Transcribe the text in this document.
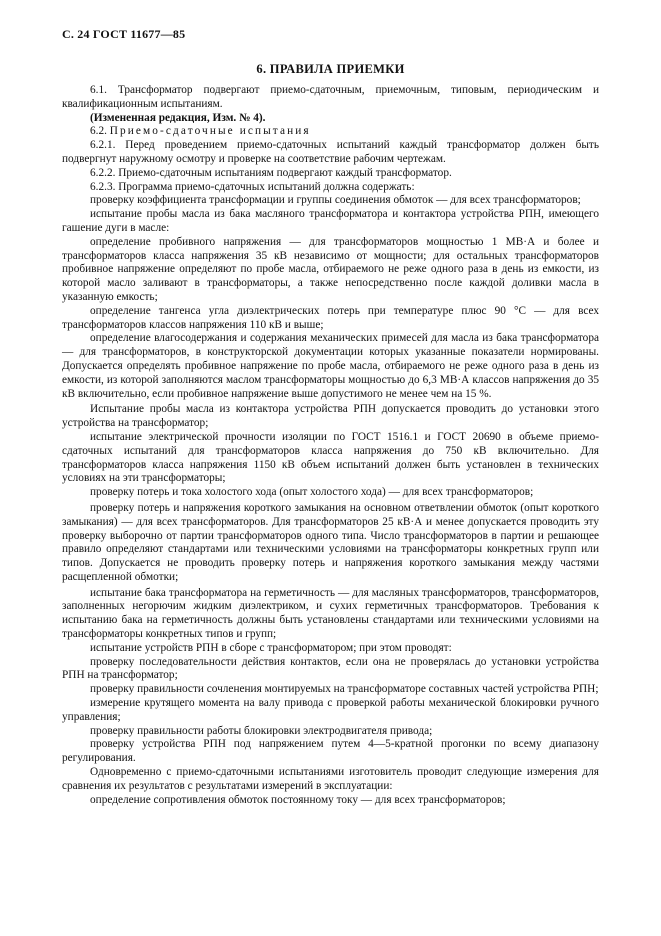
С. 24 ГОСТ 11677—85
6. ПРАВИЛА ПРИЕМКИ

6.1. Трансформатор подвергают приемо-сдаточным, приемочным, типовым, периодическим и квалификационным испытаниям.

(Измененная редакция, Изм. № 4).

6.2. Приемо-сдаточные испытания

6.2.1. Перед проведением приемо-сдаточных испытаний каждый трансформатор должен быть подвергнут наружному осмотру и проверке на соответствие рабочим чертежам.

6.2.2. Приемо-сдаточным испытаниям подвергают каждый трансформатор.

6.2.3. Программа приемо-сдаточных испытаний должна содержать:

проверку коэффициента трансформации и группы соединения обмоток — для всех трансформаторов;

испытание пробы масла из бака масляного трансформатора и контактора устройства РПН, имеющего гашение дуги в масле:

определение пробивного напряжения — для трансформаторов мощностью 1 МВ·А и более и трансформаторов класса напряжения 35 кВ независимо от мощности; для остальных трансформаторов пробивное напряжение определяют по пробе масла, отбираемого не реже одного раза в день из емкости, из которой масло заливают в трансформаторы, а также непосредственно после каждой доливки масла в указанную емкость;

определение тангенса угла диэлектрических потерь при температуре плюс 90 °С — для всех трансформаторов классов напряжения 110 кВ и выше;

определение влагосодержания и содержания механических примесей для масла из бака трансформатора — для трансформаторов, в конструкторской документации которых указанные показатели нормированы. Допускается определять пробивное напряжение по пробе масла, отбираемого не реже одного раза в день из емкости, из которой заполняются маслом трансформаторы мощностью до 6,3 МВ·А классов напряжения до 35 кВ включительно, если пробивное напряжение выше допустимого не менее чем на 15 %.

Испытание пробы масла из контактора устройства РПН допускается проводить до установки этого устройства на трансформатор;

испытание электрической прочности изоляции по ГОСТ 1516.1 и ГОСТ 20690 в объеме приемо-сдаточных испытаний для трансформаторов класса напряжения до 750 кВ включительно. Для трансформаторов класса напряжения 1150 кВ объем испытаний должен быть установлен в технических условиях на эти трансформаторы;

проверку потерь и тока холостого хода (опыт холостого хода) — для всех трансформаторов;

проверку потерь и напряжения короткого замыкания на основном ответвлении обмоток (опыт короткого замыкания) — для всех трансформаторов. Для трансформаторов 25 кВ·А и менее допускается проводить эту проверку выборочно от партии трансформаторов одного типа. Число трансформаторов в партии и решающее правило определяют стандартами или техническими условиями на трансформаторы конкретных групп или типов. Допускается не проводить проверку потерь и напряжения короткого замыкания между частями расщепленной обмотки;

испытание бака трансформатора на герметичность — для масляных трансформаторов, трансформаторов, заполненных негорючим жидким диэлектриком, и сухих герметичных трансформаторов. Требования к испытанию бака на герметичность должны быть установлены стандартами или техническими условиями на трансформаторы конкретных типов и групп;

испытание устройств РПН в сборе с трансформатором; при этом проводят:

проверку последовательности действия контактов, если она не проверялась до установки устройства РПН на трансформатор;

проверку правильности сочленения монтируемых на трансформаторе составных частей устройства РПН;

измерение крутящего момента на валу привода с проверкой работы механической блокировки ручного управления;

проверку правильности работы блокировки электродвигателя привода;

проверку устройства РПН под напряжением путем 4—5-кратной прогонки по всему диапазону регулирования.

Одновременно с приемо-сдаточными испытаниями изготовитель проводит следующие измерения для сравнения их результатов с результатами измерений в эксплуатации:

определение сопротивления обмоток постоянному току — для всех трансформаторов;
